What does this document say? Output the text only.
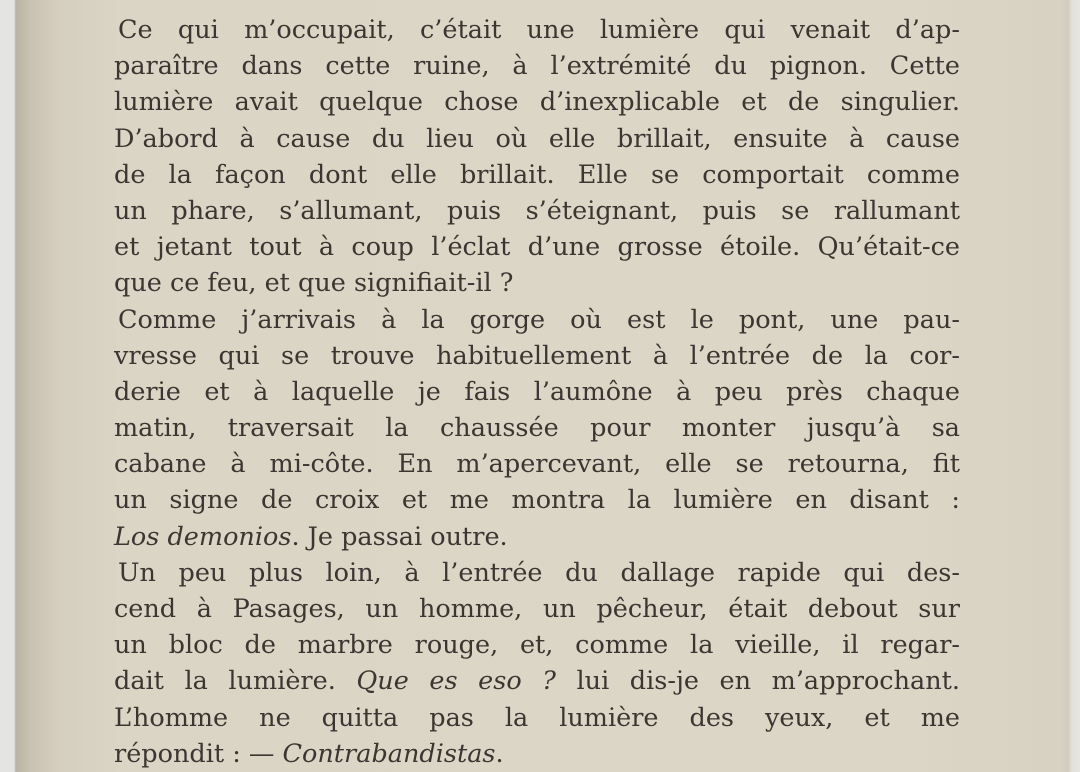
Ce qui m’occupait, c’était une lumière qui venait d’ap-
paraître dans cette ruine, à l’extrémité du pignon. Cette
lumière avait quelque chose d’inexplicable et de singulier.
D’abord à cause du lieu où elle brillait, ensuite à cause
de la façon dont elle brillait. Elle se comportait comme
un phare, s’allumant, puis s’éteignant, puis se rallumant
et jetant tout à coup l’éclat d’une grosse étoile. Qu’était-ce
que ce feu, et que signifiait-il ?
Comme j’arrivais à la gorge où est le pont, une pau-
vresse qui se trouve habituellement à l’entrée de la cor-
derie et à laquelle je fais l’aumône à peu près chaque
matin, traversait la chaussée pour monter jusqu’à sa
cabane à mi-côte. En m’apercevant, elle se retourna, fit
un signe de croix et me montra la lumière en disant :
Los demonios. Je passai outre.
Un peu plus loin, à l’entrée du dallage rapide qui des-
cend à Pasages, un homme, un pêcheur, était debout sur
un bloc de marbre rouge, et, comme la vieille, il regar-
dait la lumière. Que es eso ? lui dis-je en m’approchant.
L’homme ne quitta pas la lumière des yeux, et me
répondit : — Contrabandistas.
